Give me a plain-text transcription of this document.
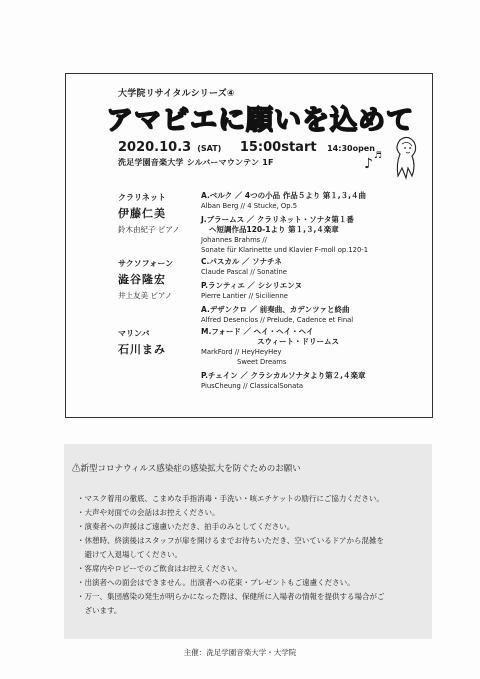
大学院リサイタルシリーズ④
アマビエに願いを込めて
2020.10.3 (SAT) 15:00start 14:30open
洗足学園音楽大学 シルバーマウンテン 1F	♪ ♬
クラリネット
伊藤仁美
鈴木由紀子 ピアノ
A.ベルク ／ 4つの小品 作品５より 第１,３,４曲
Alban Berg // 4 Stucke, Op.5
J.ブラームス ／ クラリネット・ソナタ第１番
ヘ短調作品120-1より 第１,３,４楽章
Johannes Brahms //
Sonate für Klarinette und Klavier F-moll op.120-1
サクソフォーン
澁谷隆宏
井上友美 ピアノ
C.パスカル ／ ソナチネ
Claude Pascal // Sonatine
P.ランティエ ／ シシリエンヌ
Pierre Lantier // Sicilienne
A.デザンクロ ／ 前奏曲、カデンツァと終曲
Alfred Desenclos // Prelude, Cadence et Final
マリンバ
石川まみ
M.フォード ／ ヘイ・ヘイ・ヘイ
スウィート・ドリームス
MarkFord // HeyHeyHey
Sweet Dreams
P.チェイン ／ クラシカルソナタより第２,４楽章
PiusCheung // ClassicalSonata
⚠新型コロナウィルス感染症の感染拡大を防ぐためのお願い
・マスク着用の徹底、こまめな手指消毒・手洗い・咳エチケットの励行にご協力ください。
・大声や対面での会話はお控えください。
・演奏者への声援はご遠慮いただき、拍手のみとしてください。
・休憩時、終演後はスタッフが扉を開けるまでお待ちいただき、空いているドアから混雑を
　避けて入退場してください。
・客席内やロビーでのご飲食はお控えください。
・出演者への面会はできません。出演者への花束・プレゼントもご遠慮ください。
・万一、集団感染の発生が明らかになった際は、保健所に入場者の情報を提供する場合がご
　ざいます。
主催：洗足学園音楽大学・大学院
